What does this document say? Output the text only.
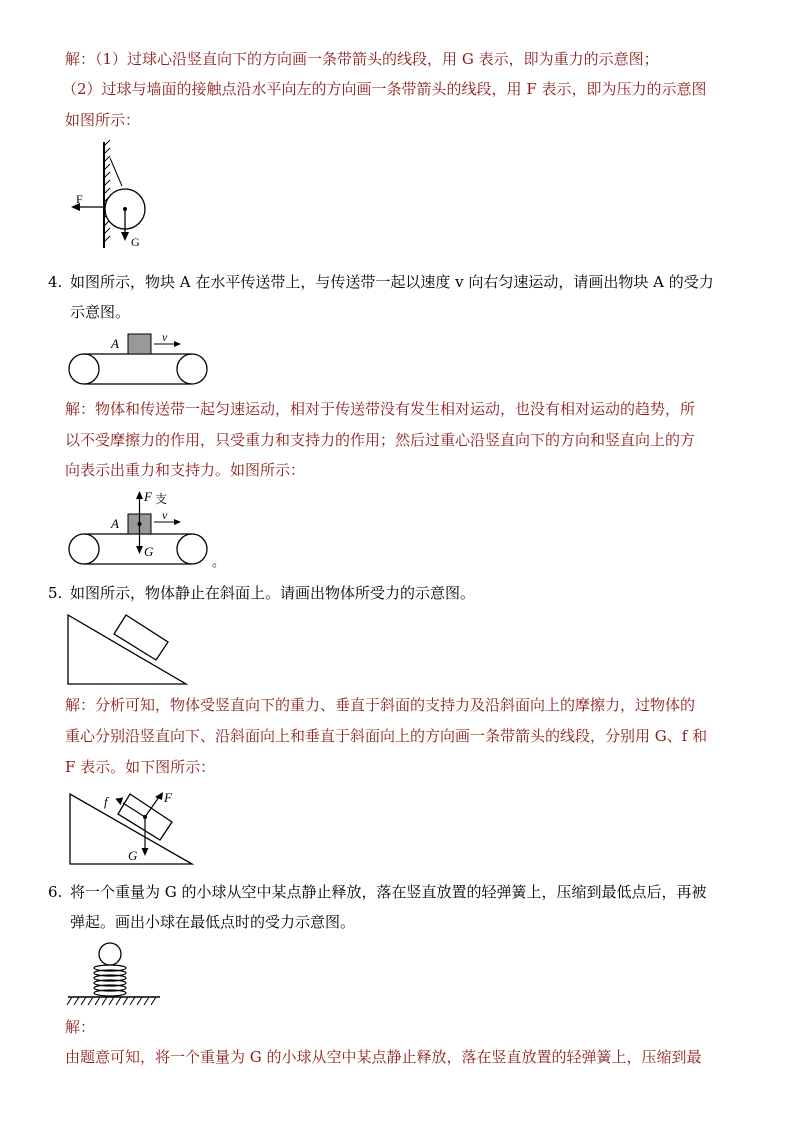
解：（1）过球心沿竖直向下的方向画一条带箭头的线段，用 G 表示，即为重力的示意图；
（2）过球与墙面的接触点沿水平向左的方向画一条带箭头的线段，用 F 表示，即为压力的示意图
如图所示：
F
G
4. 如图所示，物块 A 在水平传送带上，与传送带一起以速度 v 向右匀速运动，请画出物块 A 的受力
示意图。
A	v
解：物体和传送带一起匀速运动，相对于传送带没有发生相对运动，也没有相对运动的趋势，所
以不受摩擦力的作用，只受重力和支持力的作用；然后过重心沿竖直向下的方向和竖直向上的方
向表示出重力和支持力。如图所示：
A
v
F 支
G
。
5. 如图所示，物体静止在斜面上。请画出物体所受力的示意图。
解：分析可知，物体受竖直向下的重力、垂直于斜面的支持力及沿斜面向上的摩擦力，过物体的
重心分别沿竖直向下、沿斜面向上和垂直于斜面向上的方向画一条带箭头的线段，分别用 G、f 和
F 表示。如下图所示：
f	F
G
6. 将一个重量为 G 的小球从空中某点静止释放，落在竖直放置的轻弹簧上，压缩到最低点后，再被
弹起。画出小球在最低点时的受力示意图。
解：
由题意可知，将一个重量为 G 的小球从空中某点静止释放，落在竖直放置的轻弹簧上，压缩到最
